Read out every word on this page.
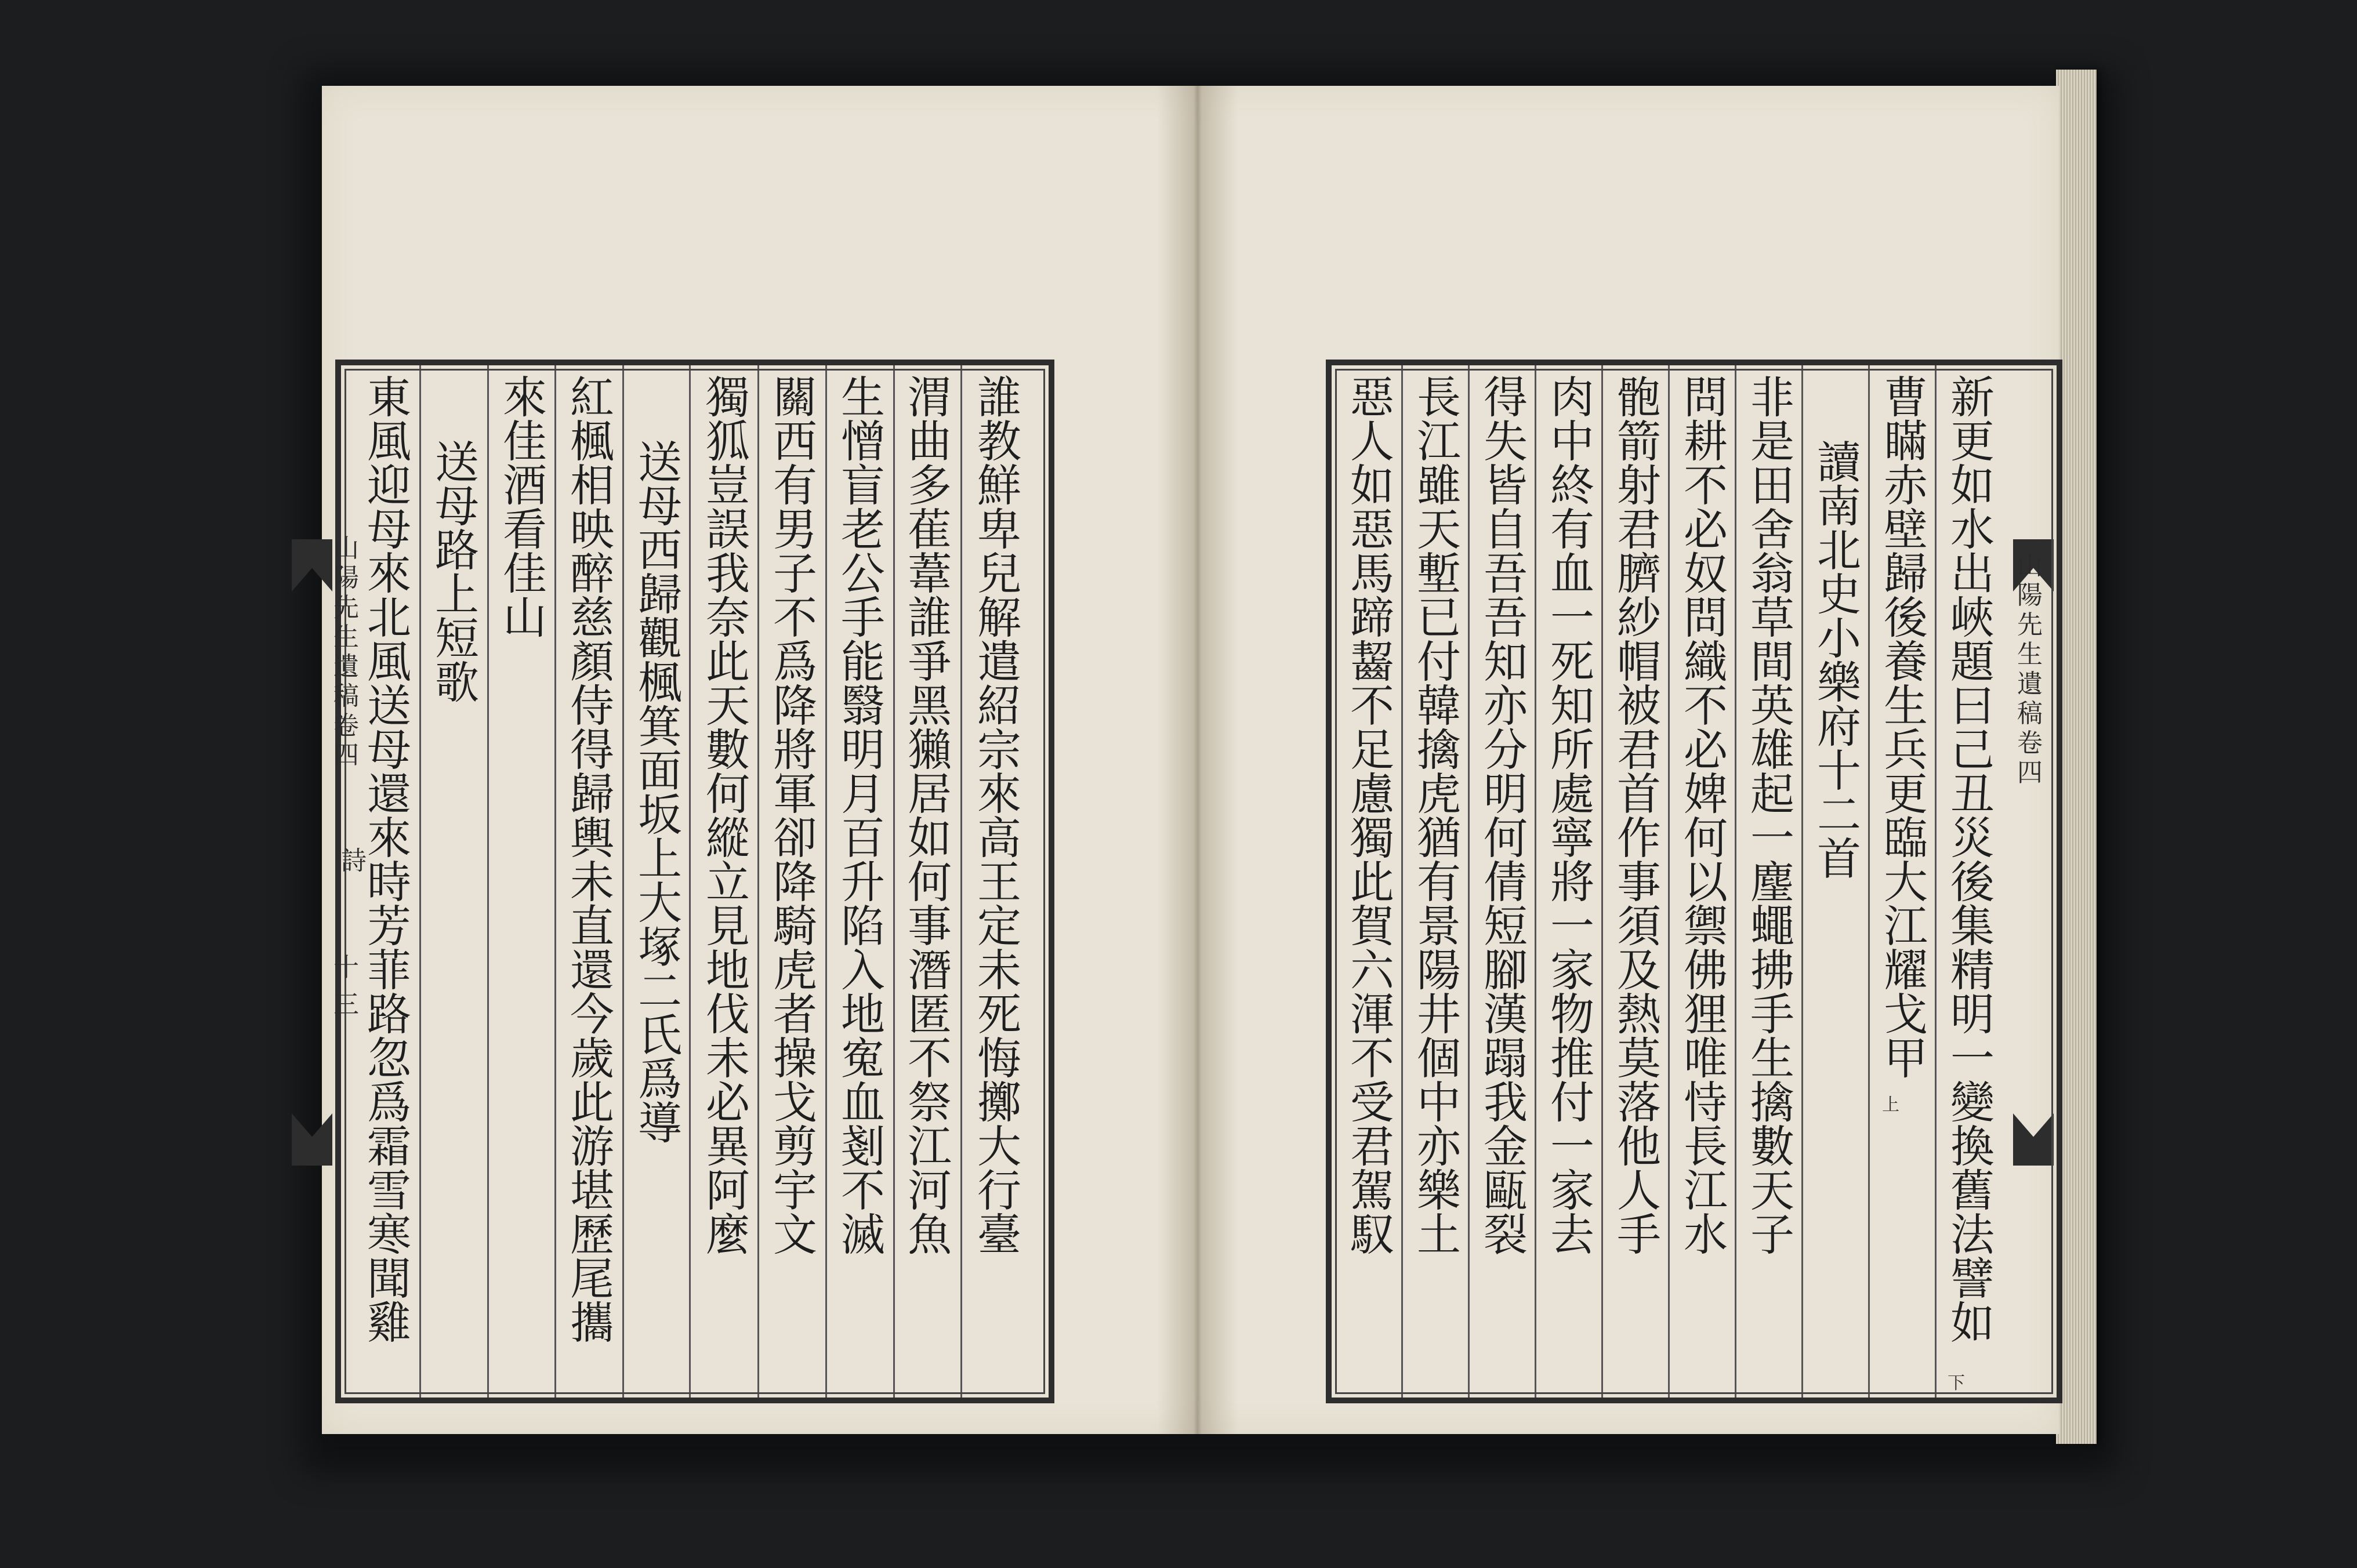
誰
教
鮮
卑
兒
解
遣
紹
宗
來
高
王
定
未
死
悔
擲
大
行
臺
渭
曲
多
萑
葦
誰
爭
黑
獺
居
如
何
事
潛
匿
不
祭
江
河
魚
生
憎
盲
老
公
手
能
翳
明
月
百
升
陷
入
地
寃
血
剗
不
滅
關
西
有
男
子
不
爲
降
將
軍
卻
降
騎
虎
者
操
戈
剪
宇
文
獨
狐
豈
誤
我
奈
此
天
數
何
縱
立
見
地
伐
未
必
異
阿
麼
送
母
西
歸
觀
楓
箕
面
坂
上
大
塚
二
氏
爲
導
紅
楓
相
映
醉
慈
顏
侍
得
歸
輿
未
直
還
今
歲
此
游
堪
歷
尾
攜
來
佳
酒
看
佳
山
送
母
路
上
短
歌
東
風
迎
母
來
北
風
送
母
還
來
時
芳
菲
路
忽
爲
霜
雪
寒
聞
雞
山陽先生遺稿卷四
詩
十三
新
更
如
水
出
峽
題
曰
己
丑
災
後
集
精
明
一
變
換
舊
法
譬
如
曹
瞞
赤
壁
歸
後
養
生
兵
更
臨
大
江
耀
戈
甲
讀
南
北
史
小
樂
府
十
二
首
非
是
田
舍
翁
草
間
英
雄
起
一
麈
蠅
拂
手
生
擒
數
天
子
問
耕
不
必
奴
問
織
不
必
婢
何
以
禦
佛
狸
唯
恃
長
江
水
骲
箭
射
君
臍
紗
帽
被
君
首
作
事
須
及
熱
莫
落
他
人
手
肉
中
終
有
血
一
死
知
所
處
寧
將
一
家
物
推
付
一
家
去
得
失
皆
自
吾
吾
知
亦
分
明
何
倩
短
腳
漢
蹋
我
金
甌
裂
長
江
雖
天
塹
已
付
韓
擒
虎
猶
有
景
陽
井
個
中
亦
樂
土
惡
人
如
惡
馬
蹄
齧
不
足
慮
獨
此
賀
六
渾
不
受
君
駕
馭
山陽先生遺稿卷四
下
上
